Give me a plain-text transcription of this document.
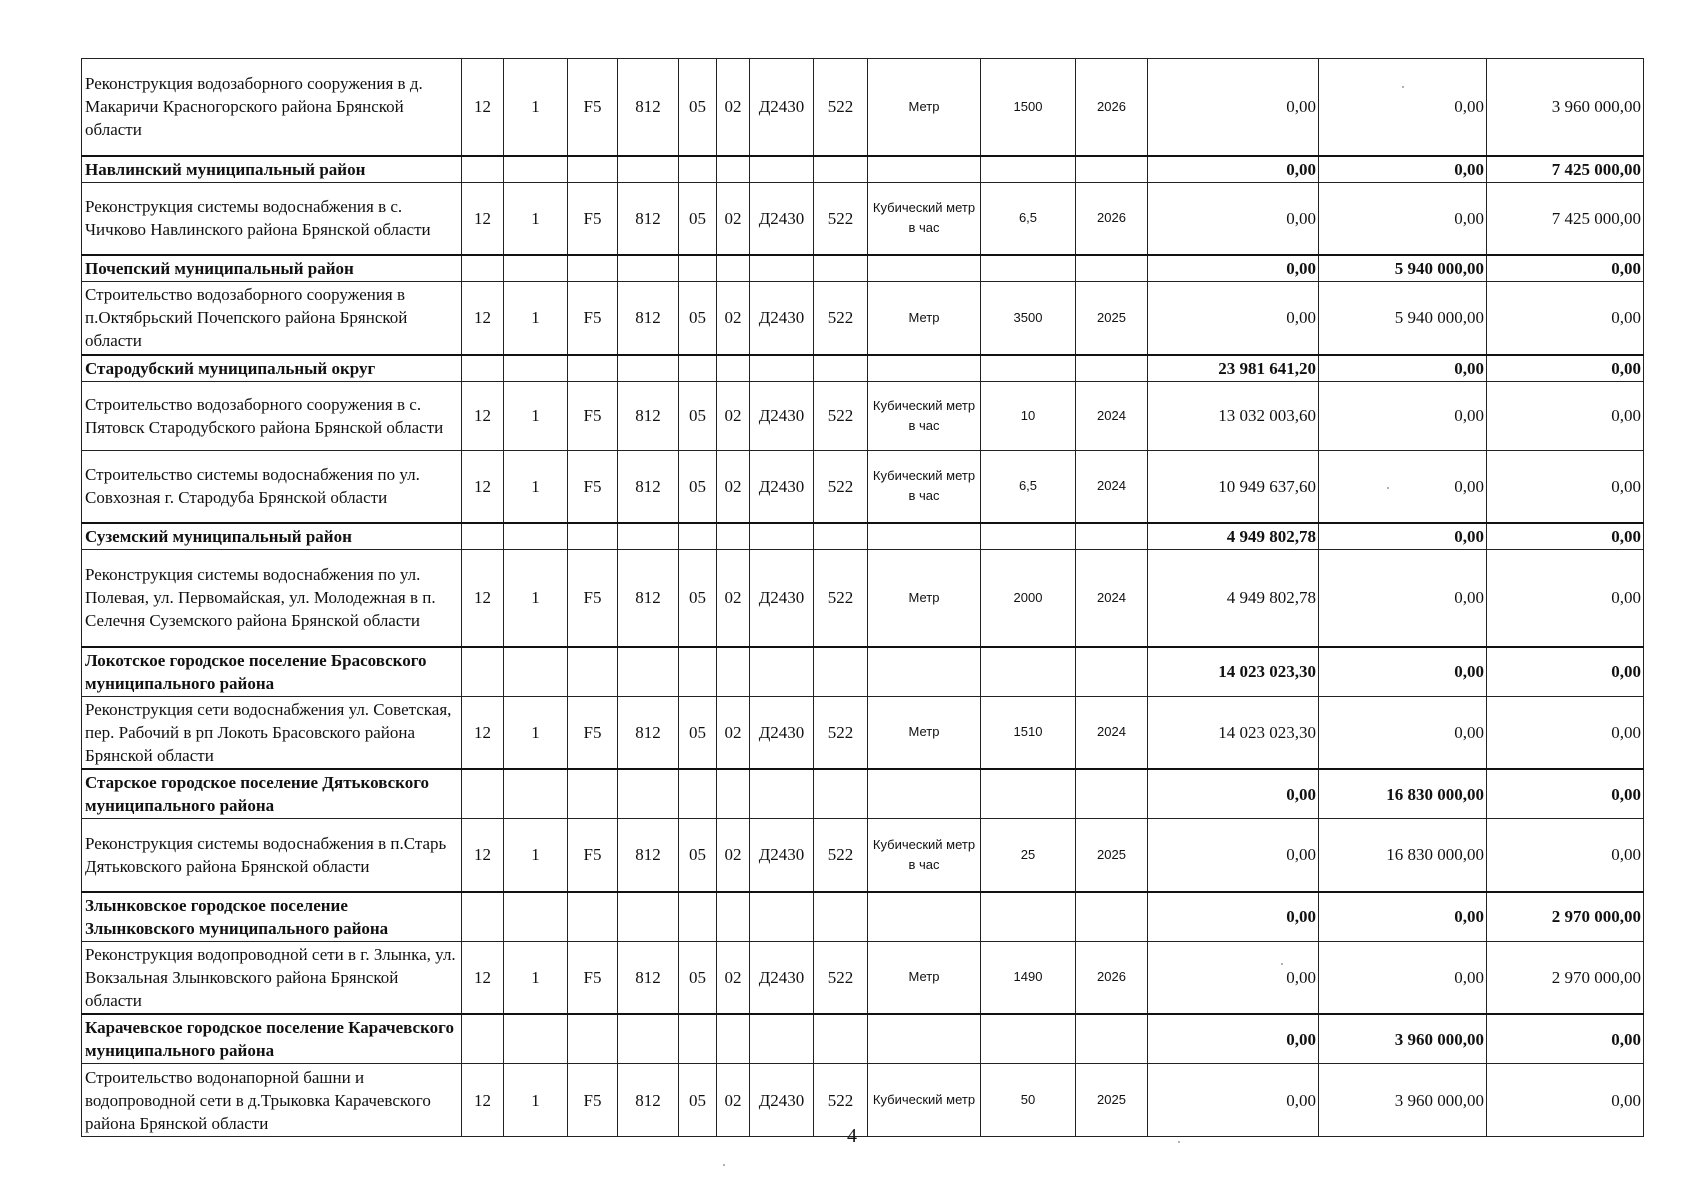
Реконструкция водозаборного сооружения в д. Макаричи Красногорского района Брянской области	12	1	F5	812	05	02	Д2430	522	Метр	1500	2026	0,00	0,00	3 960 000,00
Навлинский муниципальный район												0,00	0,00	7 425 000,00
Реконструкция системы водоснабжения в с. Чичково Навлинского района Брянской области	12	1	F5	812	05	02	Д2430	522	Кубический метр в час	6,5	2026	0,00	0,00	7 425 000,00
Почепский муниципальный район												0,00	5 940 000,00	0,00
Строительство водозаборного сооружения в п.Октябрьский Почепского района Брянской области	12	1	F5	812	05	02	Д2430	522	Метр	3500	2025	0,00	5 940 000,00	0,00
Стародубский муниципальный округ												23 981 641,20	0,00	0,00
Строительство водозаборного сооружения в с. Пятовск Стародубского района Брянской области	12	1	F5	812	05	02	Д2430	522	Кубический метр в час	10	2024	13 032 003,60	0,00	0,00
Строительство системы водоснабжения по ул. Совхозная г. Стародуба Брянской области	12	1	F5	812	05	02	Д2430	522	Кубический метр в час	6,5	2024	10 949 637,60	0,00	0,00
Суземский муниципальный район												4 949 802,78	0,00	0,00
Реконструкция системы водоснабжения по ул. Полевая, ул. Первомайская, ул. Молодежная в п. Селечня Суземского района Брянской области	12	1	F5	812	05	02	Д2430	522	Метр	2000	2024	4 949 802,78	0,00	0,00
Локотское городское поселение Брасовского муниципального района												14 023 023,30	0,00	0,00
Реконструкция сети водоснабжения ул. Советская, пер. Рабочий в рп Локоть Брасовского района Брянской области	12	1	F5	812	05	02	Д2430	522	Метр	1510	2024	14 023 023,30	0,00	0,00
Старское городское поселение Дятьковского муниципального района												0,00	16 830 000,00	0,00
Реконструкция системы водоснабжения в п.Старь Дятьковского района Брянской области	12	1	F5	812	05	02	Д2430	522	Кубический метр в час	25	2025	0,00	16 830 000,00	0,00
Злынковское городское поселение Злынковского муниципального района												0,00	0,00	2 970 000,00
Реконструкция водопроводной сети в г. Злынка, ул. Вокзальная Злынковского района Брянской области	12	1	F5	812	05	02	Д2430	522	Метр	1490	2026	0,00	0,00	2 970 000,00
Карачевское городское поселение Карачевского муниципального района												0,00	3 960 000,00	0,00
Строительство водонапорной башни и водопроводной сети в д.Трыковка Карачевского района Брянской области	12	1	F5	812	05	02	Д2430	522	Кубический метр	50	2025	0,00	3 960 000,00	0,00
4
